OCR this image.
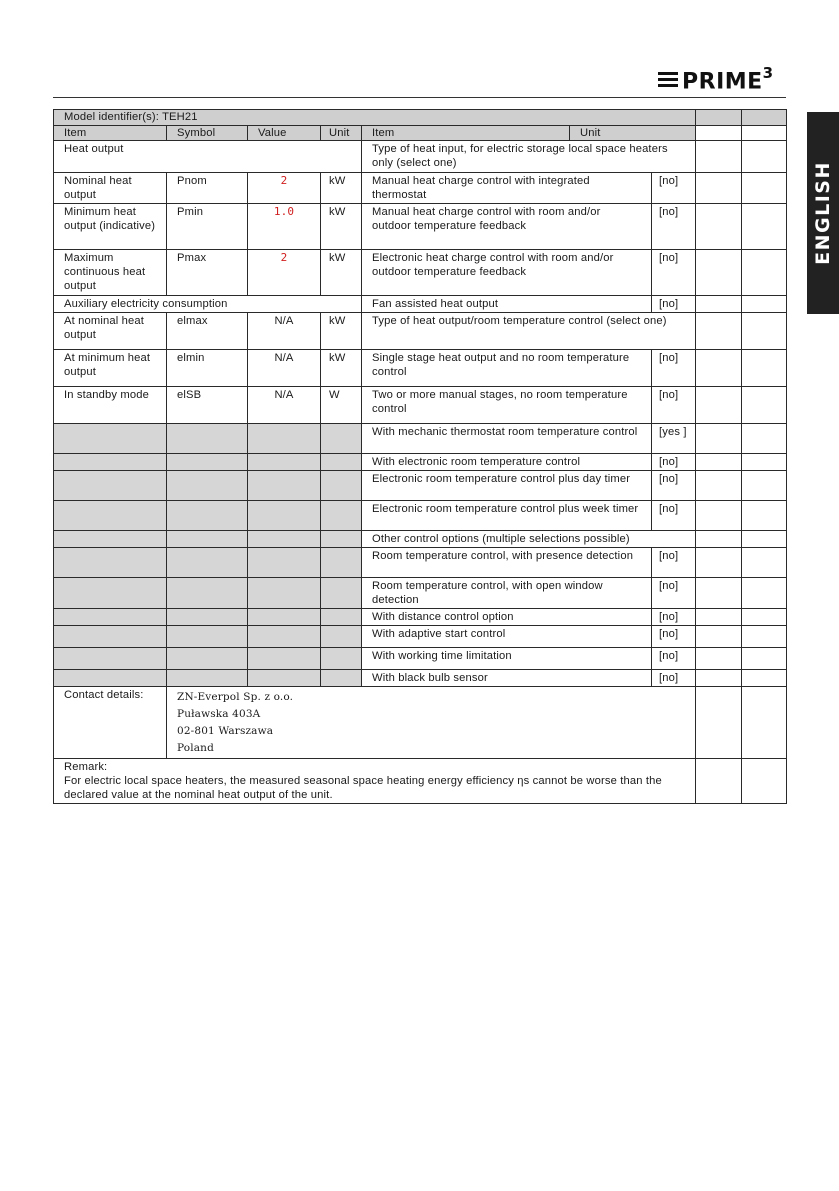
PRIME$^3$
ENGLISH
Model identifier(s): TEH21								
Item	Symbol	Value	Unit	Item	Unit			
Heat output				Type of heat input, for electric storage local space heaters only (select one)				
Nominal heat output	Pnom	2	kW	Manual heat charge control with integrated thermostat		[no]		
Minimum heat output (indicative)	Pmin	1.0	kW	Manual heat charge control with room and/or outdoor temperature feedback		[no]		
Maximum continuous heat output	Pmax	2	kW	Electronic heat charge control with room and/or outdoor temperature feedback		[no]		
Auxiliary electricity consumption				Fan assisted heat output		[no]		
At nominal heat output	elmax	N/A	kW	Type of heat output/room temperature control (select one)				
At minimum heat output	elmin	N/A	kW	Single stage heat output and no room temperature control		[no]		
In standby mode	elSB	N/A	W	Two or more manual stages, no room temperature control		[no]		
				With mechanic thermostat room temperature control		[yes ]		
				With electronic room temperature control		[no]		
				Electronic room temperature control plus day timer		[no]		
				Electronic room temperature control plus week timer		[no]		
				Other control options (multiple selections possible)				
				Room temperature control, with presence detection		[no]		
				Room temperature control, with open window detection		[no]		
				With distance control option		[no]		
				With adaptive start control		[no]		
				With working time limitation		[no]		
				With black bulb sensor		[no]		
Contact details:	ZN-Everpol Sp. z o.o.
Puławska 403A
02-801 Warszawa
Poland							

Remark:
For electric local space heaters, the measured seasonal space heating energy efficiency ηs cannot be worse than the declared value at the nominal heat output of the unit.								
